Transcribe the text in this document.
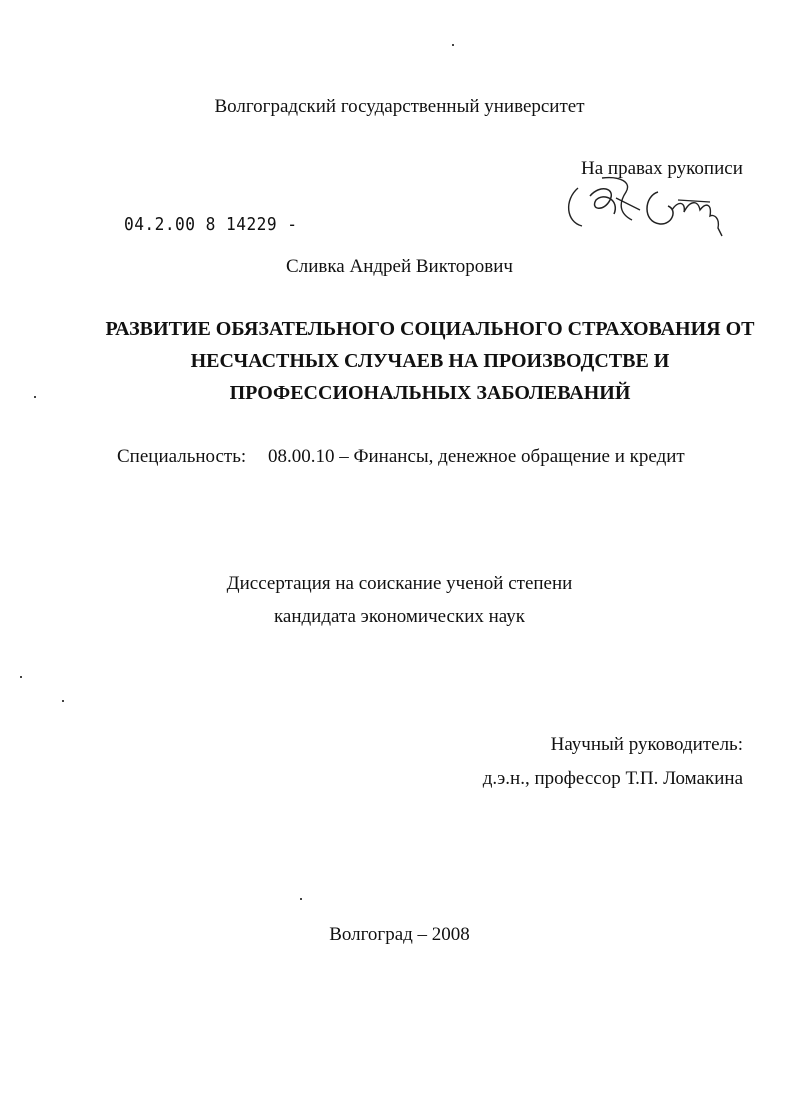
Волгоградский государственный университет
На правах рукописи
04.2.00 8 14229 -
Сливка Андрей Викторович
РАЗВИТИЕ ОБЯЗАТЕЛЬНОГО СОЦИАЛЬНОГО СТРАХОВАНИЯ ОТ
НЕСЧАСТНЫХ СЛУЧАЕВ НА ПРОИЗВОДСТВЕ И
ПРОФЕССИОНАЛЬНЫХ ЗАБОЛЕВАНИЙ
Специальность: 08.00.10 – Финансы, денежное обращение и кредит
Диссертация на соискание ученой степени
кандидата экономических наук
Научный руководитель:
д.э.н., профессор Т.П. Ломакина
Волгоград – 2008
